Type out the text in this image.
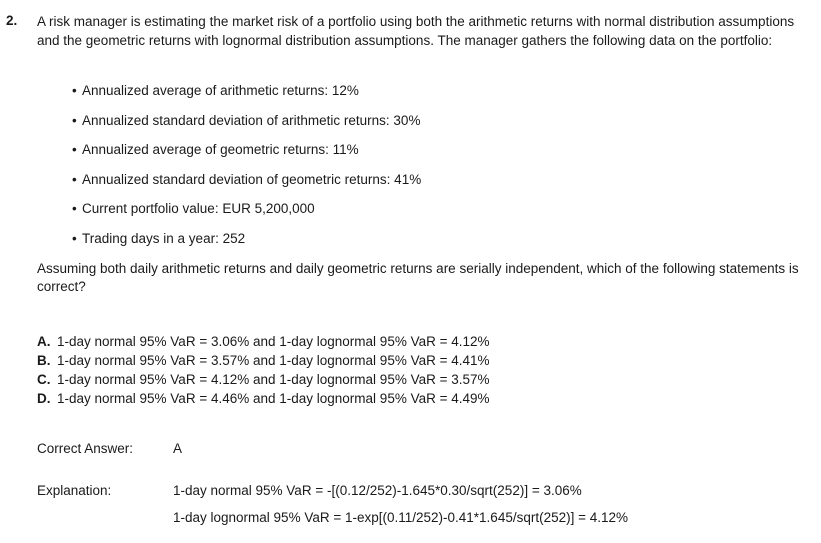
2. A risk manager is estimating the market risk of a portfolio using both the arithmetic returns with normal distribution assumptions and the geometric returns with lognormal distribution assumptions. The manager gathers the following data on the portfolio:
• Annualized average of arithmetic returns: 12%
• Annualized standard deviation of arithmetic returns: 30%
• Annualized average of geometric returns: 11%
• Annualized standard deviation of geometric returns: 41%
• Current portfolio value: EUR 5,200,000
• Trading days in a year: 252
Assuming both daily arithmetic returns and daily geometric returns are serially independent, which of the following statements is correct?
A. 1-day normal 95% VaR = 3.06% and 1-day lognormal 95% VaR = 4.12%
B. 1-day normal 95% VaR = 3.57% and 1-day lognormal 95% VaR = 4.41%
C. 1-day normal 95% VaR = 4.12% and 1-day lognormal 95% VaR = 3.57%
D. 1-day normal 95% VaR = 4.46% and 1-day lognormal 95% VaR = 4.49%
Correct Answer:	A
Explanation:	1-day normal 95% VaR = -[(0.12/252)-1.645*0.30/sqrt(252)] = 3.06%
1-day lognormal 95% VaR = 1-exp[(0.11/252)-0.41*1.645/sqrt(252)] = 4.12%
